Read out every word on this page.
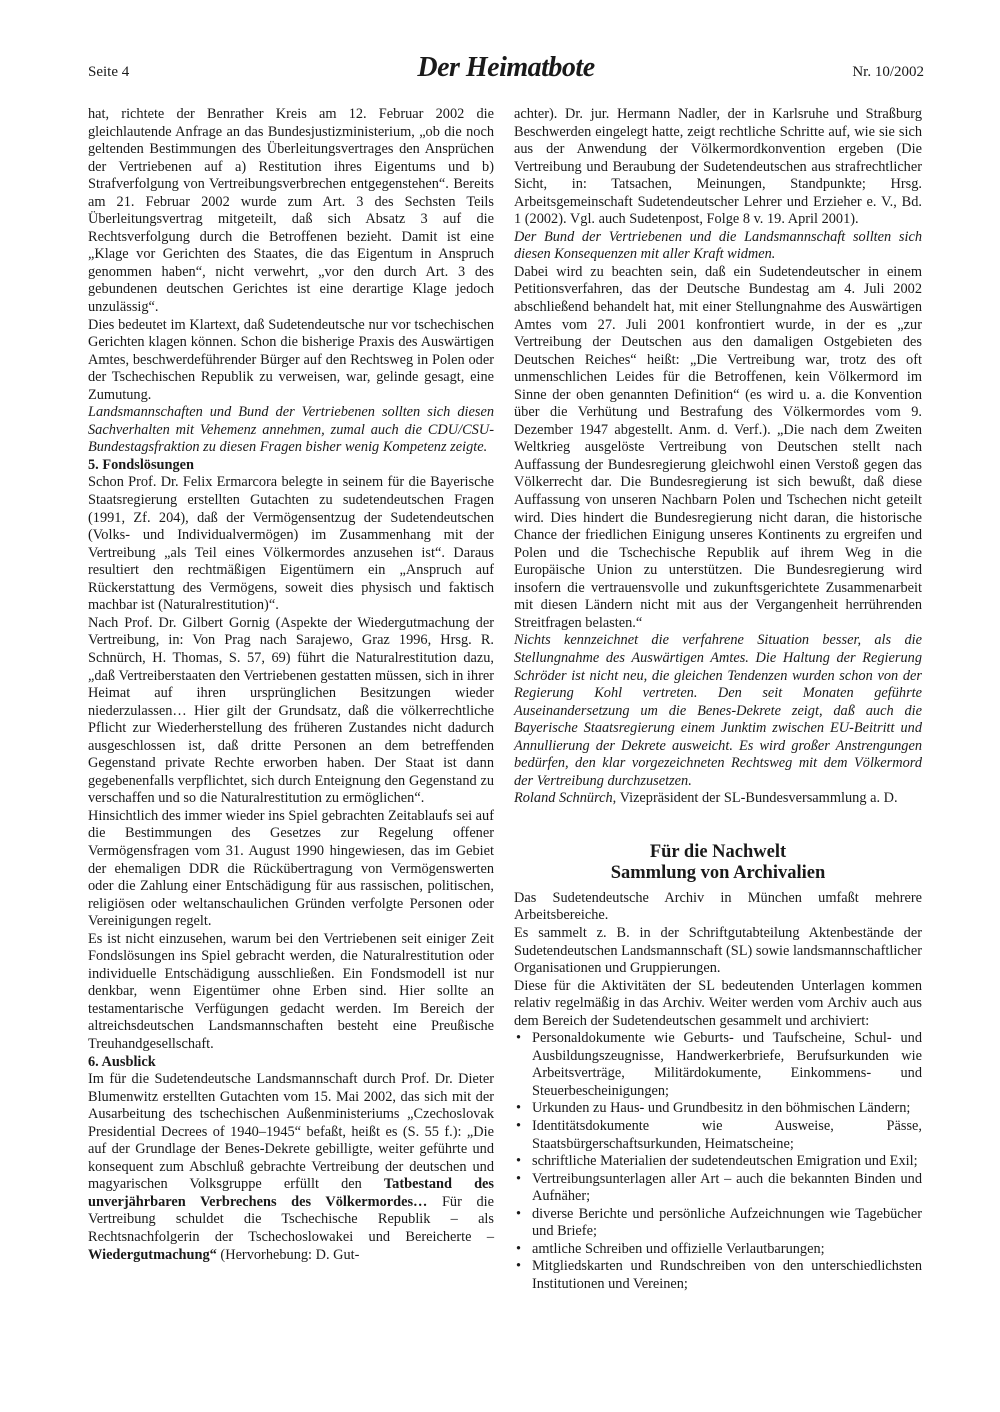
Seite 4	Der Heimatbote	Nr. 10/2002

hat, richtete der Benrather Kreis am 12. Februar 2002 die gleichlautende Anfrage an das Bundesjustizministerium, „ob die noch geltenden Bestimmungen des Überleitungsvertrages den Ansprüchen der Vertriebenen auf a) Restitution ihres Eigentums und b) Strafverfolgung von Vertreibungsverbrechen entgegenstehen“. Bereits am 21. Februar 2002 wurde zum Art. 3 des Sechsten Teils Überleitungsvertrag mitgeteilt, daß sich Absatz 3 auf die Rechtsverfolgung durch die Betroffenen bezieht. Damit ist eine „Klage vor Gerichten des Staates, die das Eigentum in Anspruch genommen haben“, nicht verwehrt, „vor den durch Art. 3 des gebundenen deutschen Gerichtes ist eine derartige Klage jedoch unzulässig“.

Dies bedeutet im Klartext, daß Sudetendeutsche nur vor tschechischen Gerichten klagen können. Schon die bisherige Praxis des Auswärtigen Amtes, beschwerdeführender Bürger auf den Rechtsweg in Polen oder der Tschechischen Republik zu verweisen, war, gelinde gesagt, eine Zumutung.

Landsmannschaften und Bund der Vertriebenen sollten sich diesen Sachverhalten mit Vehemenz annehmen, zumal auch die CDU/CSU-Bundestagsfraktion zu diesen Fragen bisher wenig Kompetenz zeigte.

5. Fondslösungen

Schon Prof. Dr. Felix Ermarcora belegte in seinem für die Bayerische Staatsregierung erstellten Gutachten zu sudetendeutschen Fragen (1991, Zf. 204), daß der Vermögensentzug der Sudetendeutschen (Volks- und Individualvermögen) im Zusammenhang mit der Vertreibung „als Teil eines Völkermordes anzusehen ist“. Daraus resultiert den rechtmäßigen Eigentümern ein „Anspruch auf Rückerstattung des Vermögens, soweit dies physisch und faktisch machbar ist (Naturalrestitution)“.

Nach Prof. Dr. Gilbert Gornig (Aspekte der Wiedergutmachung der Vertreibung, in: Von Prag nach Sarajewo, Graz 1996, Hrsg. R. Schnürch, H. Thomas, S. 57, 69) führt die Naturalrestitution dazu, „daß Vertreiberstaaten den Vertriebenen gestatten müssen, sich in ihrer Heimat auf ihren ursprünglichen Besitzungen wieder niederzulassen… Hier gilt der Grundsatz, daß die völkerrechtliche Pflicht zur Wiederherstellung des früheren Zustandes nicht dadurch ausgeschlossen ist, daß dritte Personen an dem betreffenden Gegenstand private Rechte erworben haben. Der Staat ist dann gegebenenfalls verpflichtet, sich durch Enteignung den Gegenstand zu verschaffen und so die Naturalrestitution zu ermöglichen“.

Hinsichtlich des immer wieder ins Spiel gebrachten Zeitablaufs sei auf die Bestimmungen des Gesetzes zur Regelung offener Vermögensfragen vom 31. August 1990 hingewiesen, das im Gebiet der ehemaligen DDR die Rückübertragung von Vermögenswerten oder die Zahlung einer Entschädigung für aus rassischen, politischen, religiösen oder weltanschaulichen Gründen verfolgte Personen oder Vereinigungen regelt.

Es ist nicht einzusehen, warum bei den Vertriebenen seit einiger Zeit Fondslösungen ins Spiel gebracht werden, die Naturalrestitution oder individuelle Entschädigung ausschließen. Ein Fondsmodell ist nur denkbar, wenn Eigentümer ohne Erben sind. Hier sollte an testamentarische Verfügungen gedacht werden. Im Bereich der altreichsdeutschen Landsmannschaften besteht eine Preußische Treuhandgesellschaft.

6. Ausblick

Im für die Sudetendeutsche Landsmannschaft durch Prof. Dr. Dieter Blumenwitz erstellten Gutachten vom 15. Mai 2002, das sich mit der Ausarbeitung des tschechischen Außenministeriums „Czechoslovak Presidential Decrees of 1940–1945“ befaßt, heißt es (S. 55 f.): „Die auf der Grundlage der Benes-Dekrete gebilligte, weiter geführte und konsequent zum Abschluß gebrachte Vertreibung der deutschen und magyarischen Volksgruppe erfüllt den Tatbestand des unverjährbaren Verbrechens des Völkermordes… Für die Vertreibung schuldet die Tschechische Republik – als Rechtsnachfolgerin der Tschechoslowakei und Bereicherte – Wiedergutmachung“ (Hervorhebung: D. Gut-

achter). Dr. jur. Hermann Nadler, der in Karlsruhe und Straßburg Beschwerden eingelegt hatte, zeigt rechtliche Schritte auf, wie sie sich aus der Anwendung der Völkermordkonvention ergeben (Die Vertreibung und Beraubung der Sudetendeutschen aus strafrechtlicher Sicht, in: Tatsachen, Meinungen, Standpunkte; Hrsg. Arbeitsgemeinschaft Sudetendeutscher Lehrer und Erzieher e. V., Bd. 1 (2002). Vgl. auch Sudetenpost, Folge 8 v. 19. April 2001).

Der Bund der Vertriebenen und die Landsmannschaft sollten sich diesen Konsequenzen mit aller Kraft widmen.

Dabei wird zu beachten sein, daß ein Sudetendeutscher in einem Petitionsverfahren, das der Deutsche Bundestag am 4. Juli 2002 abschließend behandelt hat, mit einer Stellungnahme des Auswärtigen Amtes vom 27. Juli 2001 konfrontiert wurde, in der es „zur Vertreibung der Deutschen aus den damaligen Ostgebieten des Deutschen Reiches“ heißt: „Die Vertreibung war, trotz des oft unmenschlichen Leides für die Betroffenen, kein Völkermord im Sinne der oben genannten Definition“ (es wird u. a. die Konvention über die Verhütung und Bestrafung des Völkermordes vom 9. Dezember 1947 abgestellt. Anm. d. Verf.). „Die nach dem Zweiten Weltkrieg ausgelöste Vertreibung von Deutschen stellt nach Auffassung der Bundesregierung gleichwohl einen Verstoß gegen das Völkerrecht dar. Die Bundesregierung ist sich bewußt, daß diese Auffassung von unseren Nachbarn Polen und Tschechen nicht geteilt wird. Dies hindert die Bundesregierung nicht daran, die historische Chance der friedlichen Einigung unseres Kontinents zu ergreifen und Polen und die Tschechische Republik auf ihrem Weg in die Europäische Union zu unterstützen. Die Bundesregierung wird insofern die vertrauensvolle und zukunftsgerichtete Zusammenarbeit mit diesen Ländern nicht mit aus der Vergangenheit herrührenden Streitfragen belasten.“

Nichts kennzeichnet die verfahrene Situation besser, als die Stellungnahme des Auswärtigen Amtes. Die Haltung der Regierung Schröder ist nicht neu, die gleichen Tendenzen wurden schon von der Regierung Kohl vertreten. Den seit Monaten geführte Auseinandersetzung um die Benes-Dekrete zeigt, daß auch die Bayerische Staatsregierung einem Junktim zwischen EU-Beitritt und Annullierung der Dekrete ausweicht. Es wird großer Anstrengungen bedürfen, den klar vorgezeichneten Rechtsweg mit dem Völkermord der Vertreibung durchzusetzen.

Roland Schnürch, Vizepräsident der SL-Bundesversammlung a. D.

Für die Nachwelt
Sammlung von Archivalien

Das Sudetendeutsche Archiv in München umfaßt mehrere Arbeitsbereiche.

Es sammelt z. B. in der Schriftgutabteilung Aktenbestände der Sudetendeutschen Landsmannschaft (SL) sowie landsmannschaftlicher Organisationen und Gruppierungen.

Diese für die Aktivitäten der SL bedeutenden Unterlagen kommen relativ regelmäßig in das Archiv. Weiter werden vom Archiv auch aus dem Bereich der Sudetendeutschen gesammelt und archiviert:

• Personaldokumente wie Geburts- und Taufscheine, Schul- und Ausbildungszeugnisse, Handwerkerbriefe, Berufsurkunden wie Arbeitsverträge, Militärdokumente, Einkommens- und Steuerbescheinigungen;
• Urkunden zu Haus- und Grundbesitz in den böhmischen Ländern;
• Identitätsdokumente wie Ausweise, Pässe, Staatsbürgerschaftsurkunden, Heimatscheine;
• schriftliche Materialien der sudetendeutschen Emigration und Exil;
• Vertreibungsunterlagen aller Art – auch die bekannten Binden und Aufnäher;
• diverse Berichte und persönliche Aufzeichnungen wie Tagebücher und Briefe;
• amtliche Schreiben und offizielle Verlautbarungen;
• Mitgliedskarten und Rundschreiben von den unterschiedlichsten Institutionen und Vereinen;
